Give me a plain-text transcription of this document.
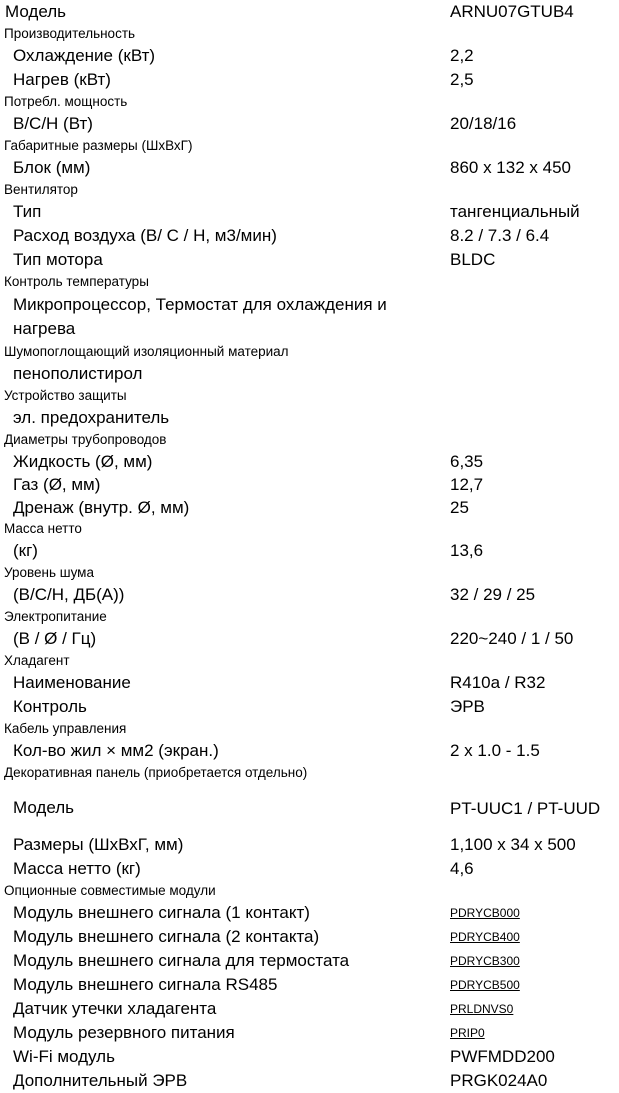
Модель	ARNU07GTUB4
Производительность
Охлаждение (кВт)	2,2
Нагрев (кВт)	2,5
Потребл. мощность
В/С/Н (Вт)	20/18/16
Габаритные размеры (ШхВхГ)
Блок (мм)	860 x 132 x 450
Вентилятор
Тип	тангенциальный
Расход воздуха (В/ С / Н, м3/мин)	8.2 / 7.3 / 6.4
Тип мотора	BLDC
Контроль температуры
Микропроцессор, Термостат для охлаждения и нагрева
Шумопоглощающий изоляционный материал
пенополистирол
Устройство защиты
эл. предохранитель
Диаметры трубопроводов
Жидкость (Ø, мм)	6,35
Газ (Ø, мм)	12,7
Дренаж (внутр. Ø, мм)	25
Масса нетто
(кг)	13,6
Уровень шума
(В/С/Н, ДБ(А))	32 / 29 / 25
Электропитание
(В / Ø / Гц)	220~240 / 1 / 50
Хладагент
Наименование	R410a / R32
Контроль	ЭРВ
Кабель управления
Кол-во жил × мм2 (экран.)	2 x 1.0 - 1.5
Декоративная панель (приобретается отдельно)
Модель	PT-UUC1 / PT-UUD
Размеры (ШхВхГ, мм)	1,100 x 34 x 500
Масса нетто (кг)	4,6
Опционные совместимые модули
Модуль внешнего сигнала (1 контакт)	PDRYCB000
Модуль внешнего сигнала (2 контакта)	PDRYCB400
Модуль внешнего сигнала для термостата	PDRYCB300
Модуль внешнего сигнала RS485	PDRYCB500
Датчик утечки хладагента	PRLDNVS0
Модуль резервного питания	PRIP0
Wi-Fi модуль	PWFMDD200
Дополнительный ЭРВ	PRGK024A0
